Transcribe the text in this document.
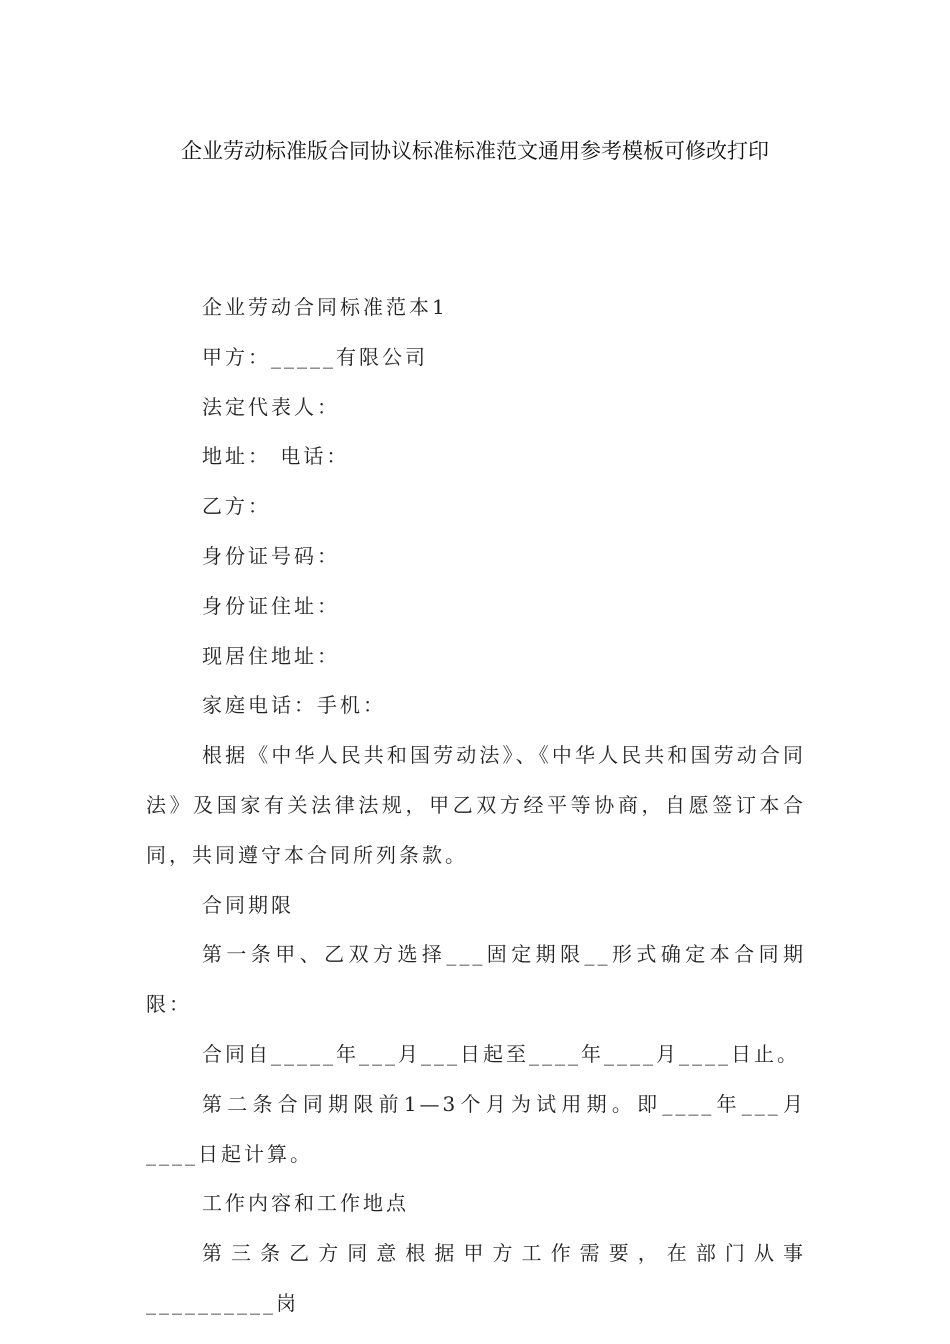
企业劳动标准版合同协议标准标准范文通用参考模板可修改打印

企业劳动合同标准范本1

甲方：_____有限公司

法定代表人：

地址： 电话：

乙方：

身份证号码：

身份证住址：

现居住地址：

家庭电话：手机：

根据《中华人民共和国劳动法》、《中华人民共和国劳动合同法》及国家有关法律法规，甲乙双方经平等协商，自愿签订本合同，共同遵守本合同所列条款。

合同期限

第一条甲、乙双方选择___固定期限__形式确定本合同期限：

合同自_____年___月___日起至____年____月____日止。

第二条合同期限前1—3个月为试用期。即____年___月____日起计算。

工作内容和工作地点

第三条乙方同意根据甲方工作需要，在部门从事__________岗
